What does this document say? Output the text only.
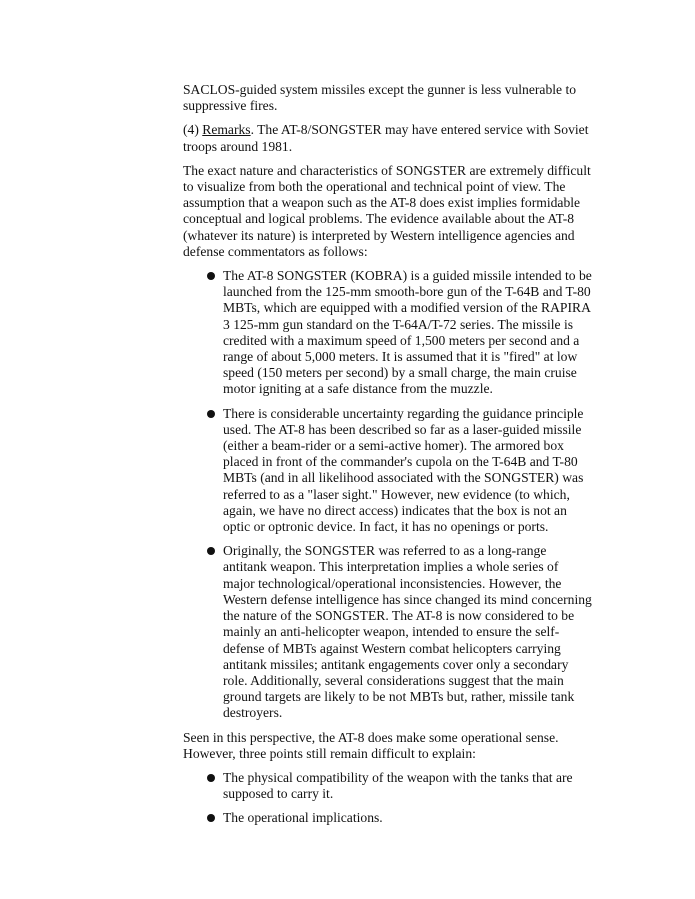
SACLOS-guided system missiles except the gunner is less vulnerable to suppressive fires.

(4) Remarks. The AT-8/SONGSTER may have entered service with Soviet troops around 1981.

The exact nature and characteristics of SONGSTER are extremely difficult to visualize from both the operational and technical point of view. The assumption that a weapon such as the AT-8 does exist implies formidable conceptual and logical problems. The evidence available about the AT-8 (whatever its nature) is interpreted by Western intelligence agencies and defense commentators as follows:

The AT-8 SONGSTER (KOBRA) is a guided missile intended to be launched from the 125-mm smooth-bore gun of the T-64B and T-80 MBTs, which are equipped with a modified version of the RAPIRA 3 125-mm gun standard on the T-64A/T-72 series. The missile is credited with a maximum speed of 1,500 meters per second and a range of about 5,000 meters. It is assumed that it is "fired" at low speed (150 meters per second) by a small charge, the main cruise motor igniting at a safe distance from the muzzle.
There is considerable uncertainty regarding the guidance principle used. The AT-8 has been described so far as a laser-guided missile (either a beam-rider or a semi-active homer). The armored box placed in front of the commander's cupola on the T-64B and T-80 MBTs (and in all likelihood associated with the SONGSTER) was referred to as a "laser sight." However, new evidence (to which, again, we have no direct access) indicates that the box is not an optic or optronic device. In fact, it has no openings or ports.
Originally, the SONGSTER was referred to as a long-range antitank weapon. This interpretation implies a whole series of major technological/operational inconsistencies. However, the Western defense intelligence has since changed its mind concerning the nature of the SONGSTER. The AT-8 is now considered to be mainly an anti-helicopter weapon, intended to ensure the self-defense of MBTs against Western combat helicopters carrying antitank missiles; antitank engagements cover only a secondary role. Additionally, several considerations suggest that the main ground targets are likely to be not MBTs but, rather, missile tank destroyers.

Seen in this perspective, the AT-8 does make some operational sense. However, three points still remain difficult to explain:

The physical compatibility of the weapon with the tanks that are supposed to carry it.
The operational implications.
